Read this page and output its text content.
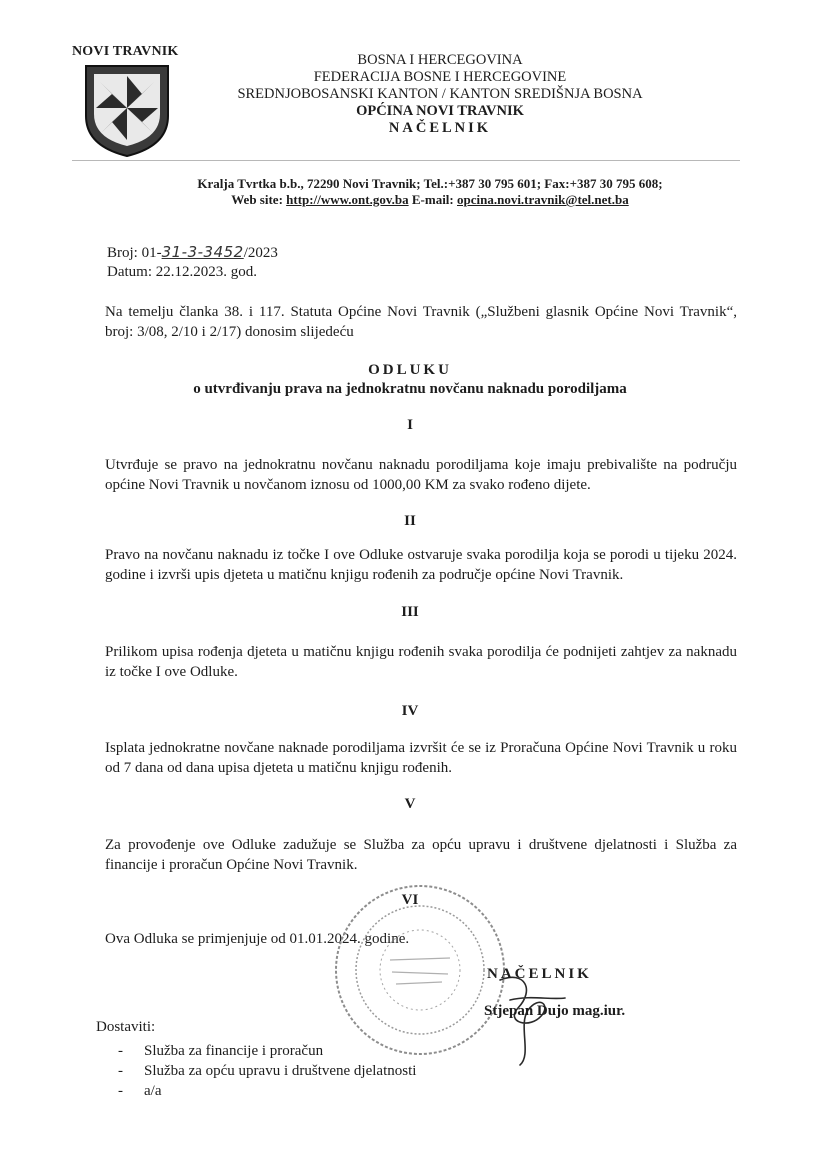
NOVI TRAVNIK
BOSNA I HERCEGOVINA
FEDERACIJA BOSNE I HERCEGOVINE
SREDNJOBOSANSKI KANTON / KANTON SREDIŠNJA BOSNA
OPĆINA NOVI TRAVNIK
NAČELNIK
Kralja Tvrtka b.b., 72290 Novi Travnik; Tel.:+387 30 795 601; Fax:+387 30 795 608;
Web site: http://www.ont.gov.ba E-mail: opcina.novi.travnik@tel.net.ba
Broj: 01-31-3-3452/2023
Datum: 22.12.2023. god.
Na temelju članka 38. i 117. Statuta Općine Novi Travnik („Službeni glasnik Općine Novi Travnik“, broj: 3/08, 2/10 i 2/17) donosim slijedeću
ODLUKU
o utvrđivanju prava na jednokratnu novčanu naknadu porodiljama
I
Utvrđuje se pravo na jednokratnu novčanu naknadu porodiljama koje imaju prebivalište na području općine Novi Travnik u novčanom iznosu od 1000,00 KM za svako rođeno dijete.
II
Pravo na novčanu naknadu iz točke I ove Odluke ostvaruje svaka porodilja koja se porodi u tijeku 2024. godine i izvrši upis djeteta u matičnu knjigu rođenih za područje općine Novi Travnik.
III
Prilikom upisa rođenja djeteta u matičnu knjigu rođenih svaka porodilja će podnijeti zahtjev za naknadu iz točke I ove Odluke.
IV
Isplata jednokratne novčane naknade porodiljama izvršit će se iz Proračuna Općine Novi Travnik u roku od 7 dana od dana upisa djeteta u matičnu knjigu rođenih.
V
Za provođenje ove Odluke zadužuje se Služba za opću upravu i društvene djelatnosti i Služba za financije i proračun Općine Novi Travnik.
VI
Ova Odluka se primjenjuje od 01.01.2024. godine.
NAČELNIK
Stjepan Dujo mag.iur.
Dostaviti:
-	Služba za financije i proračun
-	Služba za opću upravu i društvene djelatnosti
-	a/a
